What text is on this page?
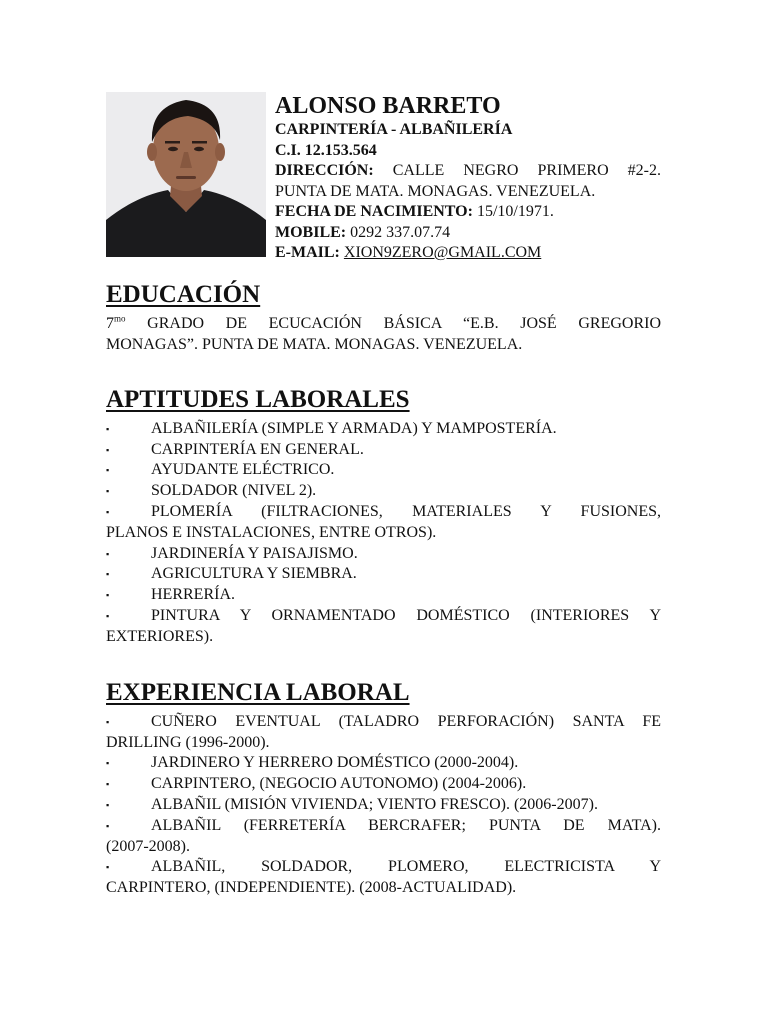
ALONSO BARRETO
CARPINTERÍA - ALBAÑILERÍA
C.I. 12.153.564
DIRECCIÓN: CALLE NEGRO PRIMERO #2-2.
PUNTA DE MATA. MONAGAS. VENEZUELA.
FECHA DE NACIMIENTO: 15/10/1971.
MOBILE: 0292 337.07.74
E-MAIL: XION9ZERO@GMAIL.COM
EDUCACIÓN
$7^{mo}$ GRADO DE ECUCACIÓN BÁSICA “E.B. JOSÉ GREGORIO
MONAGAS”. PUNTA DE MATA. MONAGAS. VENEZUELA.
APTITUDES LABORALES
▪	ALBAÑILERÍA (SIMPLE Y ARMADA) Y MAMPOSTERÍA.
▪	CARPINTERÍA EN GENERAL.
▪	AYUDANTE ELÉCTRICO.
▪	SOLDADOR (NIVEL 2).
▪	PLOMERÍA (FILTRACIONES, MATERIALES Y FUSIONES,
PLANOS E INSTALACIONES, ENTRE OTROS).
▪	JARDINERÍA Y PAISAJISMO.
▪	AGRICULTURA Y SIEMBRA.
▪	HERRERÍA.
▪	PINTURA Y ORNAMENTADO DOMÉSTICO (INTERIORES Y
EXTERIORES).
EXPERIENCIA LABORAL
▪	CUÑERO EVENTUAL (TALADRO PERFORACIÓN) SANTA FE
DRILLING (1996-2000).
▪	JARDINERO Y HERRERO DOMÉSTICO (2000-2004).
▪	CARPINTERO, (NEGOCIO AUTONOMO) (2004-2006).
▪	ALBAÑIL (MISIÓN VIVIENDA; VIENTO FRESCO). (2006-2007).
▪	ALBAÑIL (FERRETERÍA BERCRAFER; PUNTA DE MATA).
(2007-2008).
▪	ALBAÑIL, SOLDADOR, PLOMERO, ELECTRICISTA Y
CARPINTERO, (INDEPENDIENTE). (2008-ACTUALIDAD).
